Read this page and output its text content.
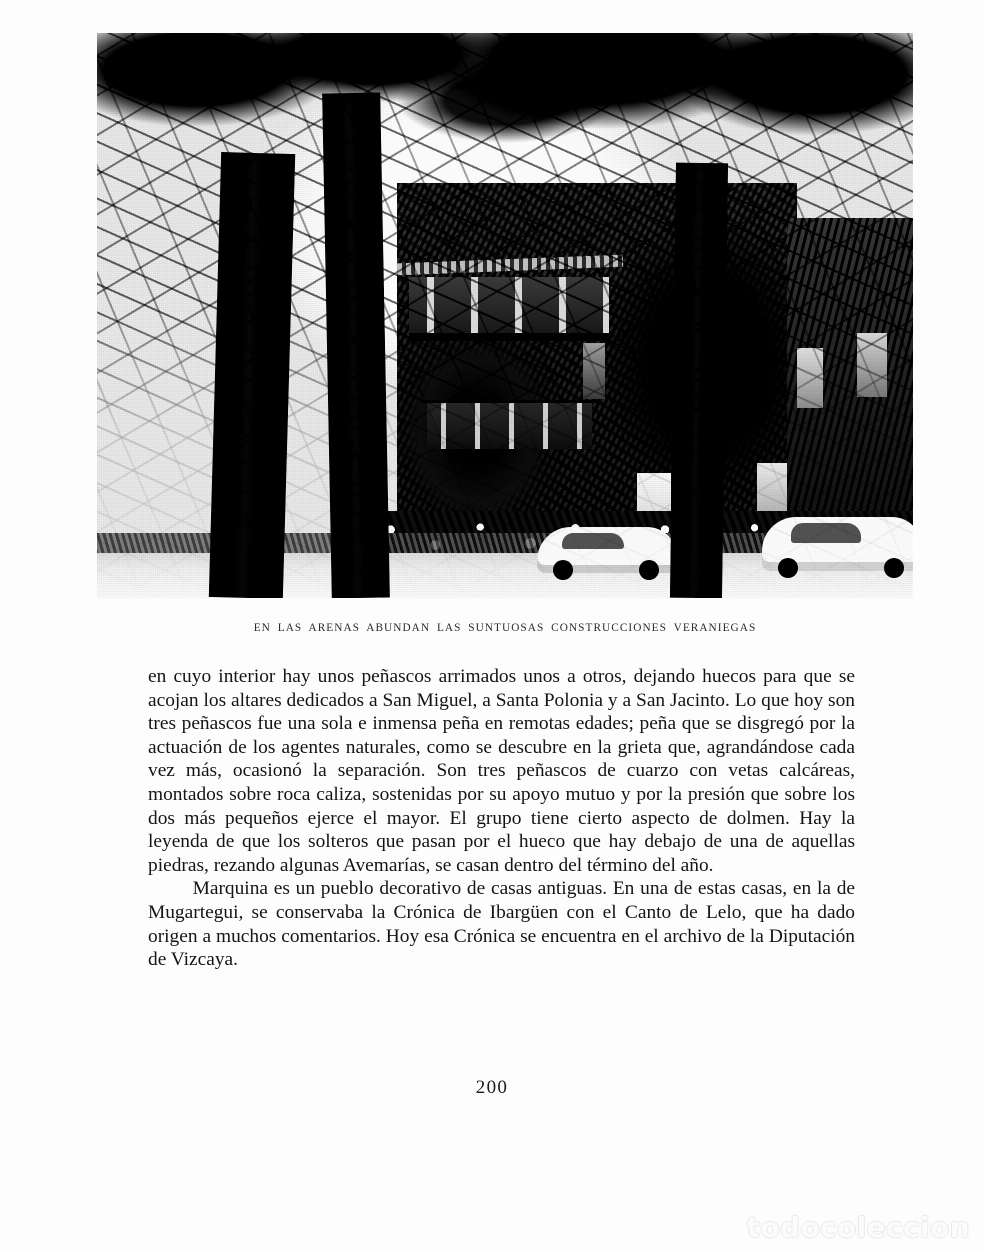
EN LAS ARENAS ABUNDAN LAS SUNTUOSAS CONSTRUCCIONES VERANIEGAS

en cuyo interior hay unos peñascos arrimados unos a otros, dejando huecos para que se acojan los altares dedicados a San Miguel, a Santa Polonia y a San Jacinto. Lo que hoy son tres peñascos fue una sola e inmensa peña en remotas edades; peña que se disgregó por la actuación de los agentes naturales, como se descubre en la grieta que, agrandándose cada vez más, ocasionó la separación. Son tres peñascos de cuarzo con vetas calcáreas, montados sobre roca caliza, sostenidas por su apoyo mutuo y por la presión que sobre los dos más pequeños ejerce el mayor. El grupo tiene cierto aspecto de dolmen. Hay la leyenda de que los solteros que pasan por el hueco que hay debajo de una de aquellas piedras, rezando algunas Avemarías, se casan dentro del término del año.

Marquina es un pueblo decorativo de casas antiguas. En una de estas casas, en la de Mugartegui, se conservaba la Crónica de Ibargüen con el Canto de Lelo, que ha dado origen a muchos comentarios. Hoy esa Crónica se encuentra en el archivo de la Diputación de Vizcaya.

200
todocoleccion
